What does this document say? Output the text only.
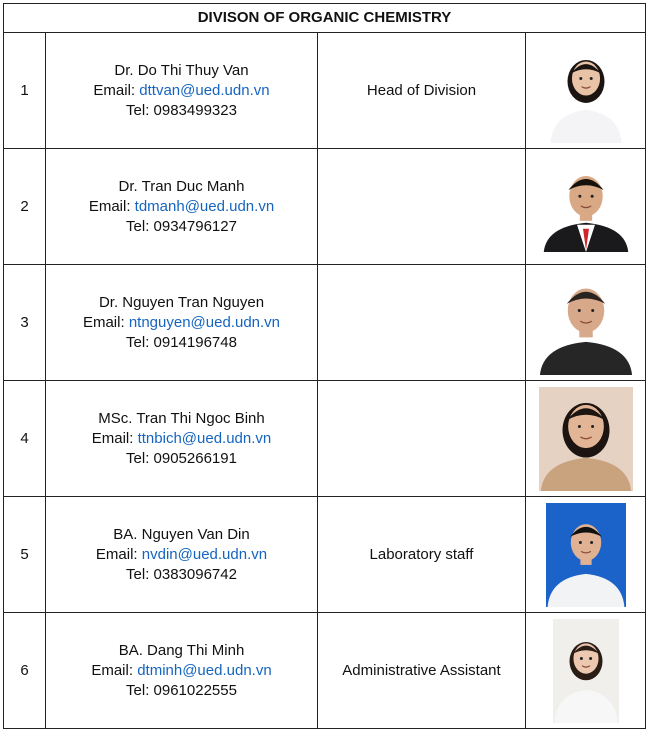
DIVISON OF ORGANIC CHEMISTRY			
1	Dr. Do Thi Thuy Van
Email: dttvan@ued.udn.vn
Tel: 0983499323	Head of Division	

2	Dr. Tran Duc Manh
Email: tdmanh@ued.udn.vn
Tel: 0934796127

3	Dr. Nguyen Tran Nguyen
Email: ntnguyen@ued.udn.vn
Tel: 0914196748

4	MSc. Tran Thi Ngoc Binh
Email: ttnbich@ued.udn.vn
Tel: 0905266191

5	BA. Nguyen Van Din
Email: nvdin@ued.udn.vn
Tel: 0383096742	Laboratory staff	

6	BA. Dang Thi Minh
Email: dtminh@ued.udn.vn
Tel: 0961022555	Administrative Assistant	
